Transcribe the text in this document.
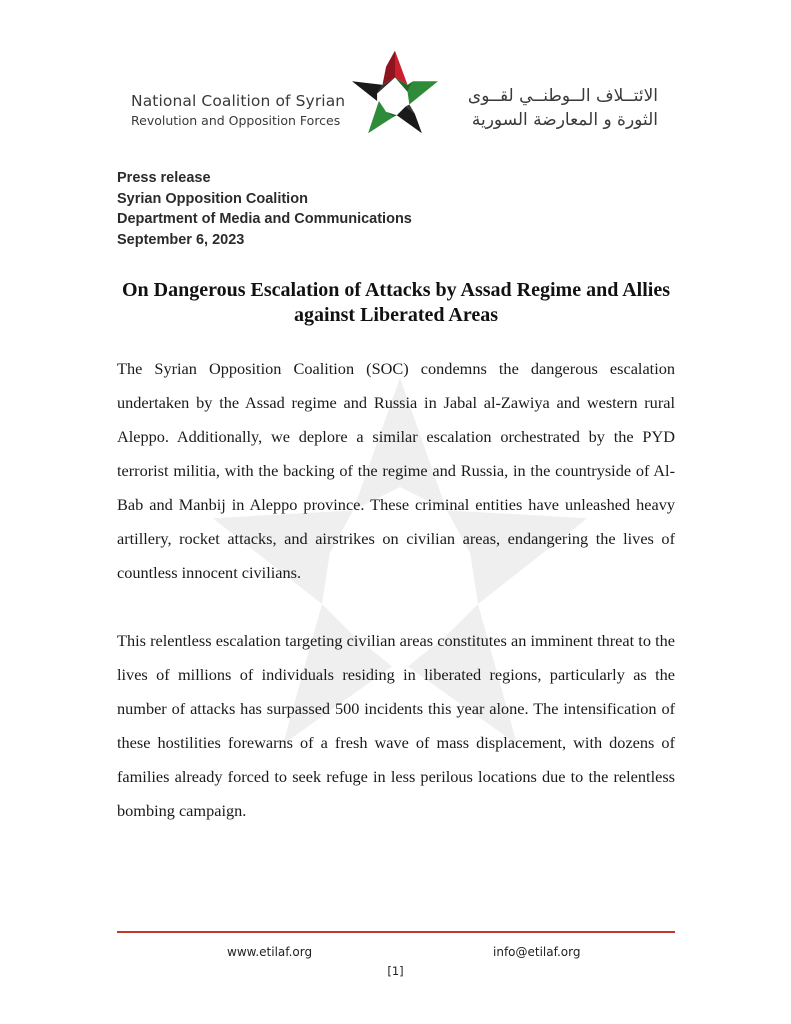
National Coalition of Syrian
Revolution and Opposition Forces
الائتــلاف الــوطنــي لقــوى
الثورة و المعارضة السورية
Press release
Syrian Opposition Coalition
Department of Media and Communications
September 6, 2023
On Dangerous Escalation of Attacks by Assad Regime and Allies against Liberated Areas

The Syrian Opposition Coalition (SOC) condemns the dangerous escalation undertaken by the Assad regime and Russia in Jabal al-Zawiya and western rural Aleppo. Additionally, we deplore a similar escalation orchestrated by the PYD terrorist militia, with the backing of the regime and Russia, in the countryside of Al-Bab and Manbij in Aleppo province. These criminal entities have unleashed heavy artillery, rocket attacks, and airstrikes on civilian areas, endangering the lives of countless innocent civilians.

This relentless escalation targeting civilian areas constitutes an imminent threat to the lives of millions of individuals residing in liberated regions, particularly as the number of attacks has surpassed 500 incidents this year alone. The intensification of these hostilities forewarns of a fresh wave of mass displacement, with dozens of families already forced to seek refuge in less perilous locations due to the relentless bombing campaign.

www.etilaf.org	info@etilaf.org
[1]
